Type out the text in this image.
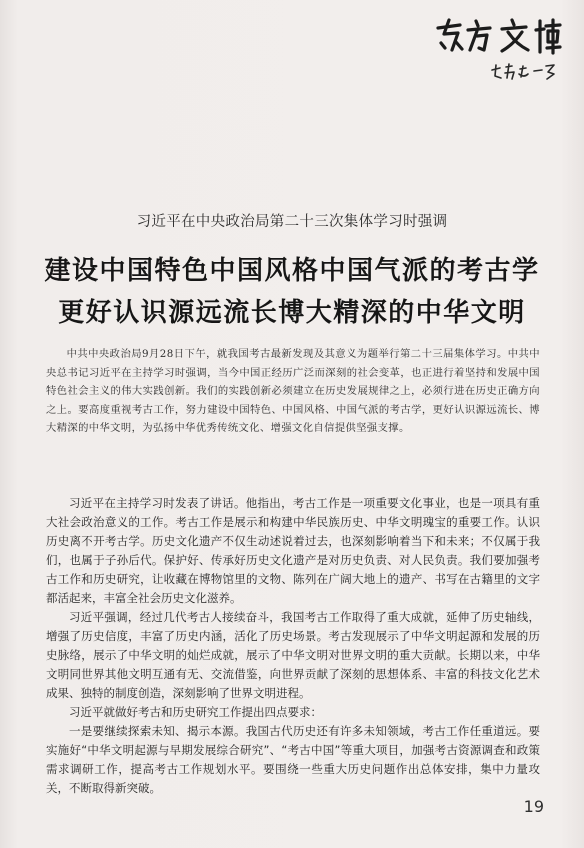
习近平在中央政治局第二十三次集体学习时强调
建设中国特色中国风格中国气派的考古学
更好认识源远流长博大精深的中华文明

中共中央政治局9月28日下午，就我国考古最新发现及其意义为题举行第二十三届集体学习。中共中央总书记习近平在主持学习时强调，当今中国正经历广泛而深刻的社会变革，也正进行着坚持和发展中国特色社会主义的伟大实践创新。我们的实践创新必须建立在历史发展规律之上，必须行进在历史正确方向之上。要高度重视考古工作，努力建设中国特色、中国风格、中国气派的考古学，更好认识源远流长、博大精深的中华文明，为弘扬中华优秀传统文化、增强文化自信提供坚强支撑。

习近平在主持学习时发表了讲话。他指出，考古工作是一项重要文化事业，也是一项具有重大社会政治意义的工作。考古工作是展示和构建中华民族历史、中华文明瑰宝的重要工作。认识历史离不开考古学。历史文化遗产不仅生动述说着过去，也深刻影响着当下和未来；不仅属于我们，也属于子孙后代。保护好、传承好历史文化遗产是对历史负责、对人民负责。我们要加强考古工作和历史研究，让收藏在博物馆里的文物、陈列在广阔大地上的遗产、书写在古籍里的文字都活起来，丰富全社会历史文化滋养。

习近平强调，经过几代考古人接续奋斗，我国考古工作取得了重大成就，延伸了历史轴线，增强了历史信度，丰富了历史内涵，活化了历史场景。考古发现展示了中华文明起源和发展的历史脉络，展示了中华文明的灿烂成就，展示了中华文明对世界文明的重大贡献。长期以来，中华文明同世界其他文明互通有无、交流借鉴，向世界贡献了深刻的思想体系、丰富的科技文化艺术成果、独特的制度创造，深刻影响了世界文明进程。

习近平就做好考古和历史研究工作提出四点要求：

一是要继续探索未知、揭示本源。我国古代历史还有许多未知领域，考古工作任重道远。要实施好“中华文明起源与早期发展综合研究”、“考古中国”等重大项目，加强考古资源调查和政策需求调研工作，提高考古工作规划水平。要围绕一些重大历史问题作出总体安排，集中力量攻关，不断取得新突破。

19
